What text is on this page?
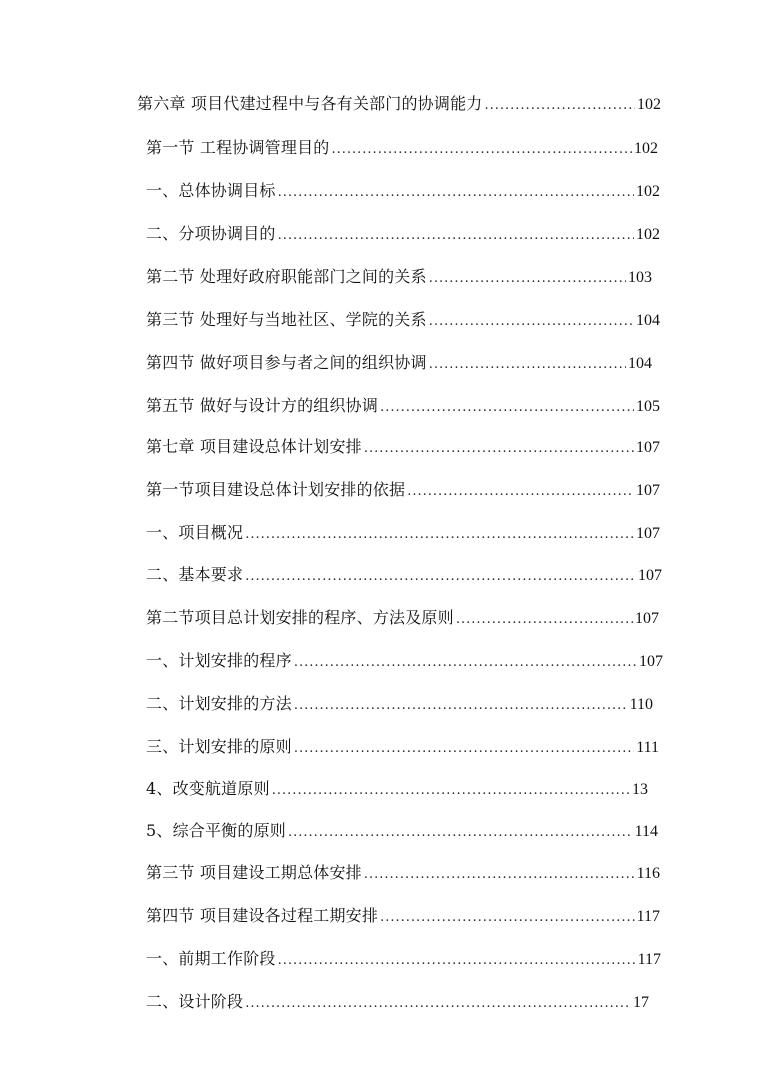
第六章 项目代建过程中与各有关部门的协调能力 .....	102
第一节 工程协调管理目的 .....	102
一、总体协调目标 .....	102
二、分项协调目的 .....	102
第二节 处理好政府职能部门之间的关系 .....	103
第三节 处理好与当地社区、学院的关系 .....	104
第四节 做好项目参与者之间的组织协调 .....	104
第五节 做好与设计方的组织协调 .....	105
第七章 项目建设总体计划安排 .....	107
第一节项目建设总体计划安排的依据 .....	107
一、项目概况 .....	107
二、基本要求 .....	107
第二节项目总计划安排的程序、方法及原则 .....	107
一、计划安排的程序 .....	107
二、计划安排的方法 .....	110
三、计划安排的原则 .....	111
4、改变航道原则 .....	13
5、综合平衡的原则 .....	114
第三节 项目建设工期总体安排 .....	116
第四节 项目建设各过程工期安排 .....	117
一、前期工作阶段 .....	117
二、设计阶段 .....	17
